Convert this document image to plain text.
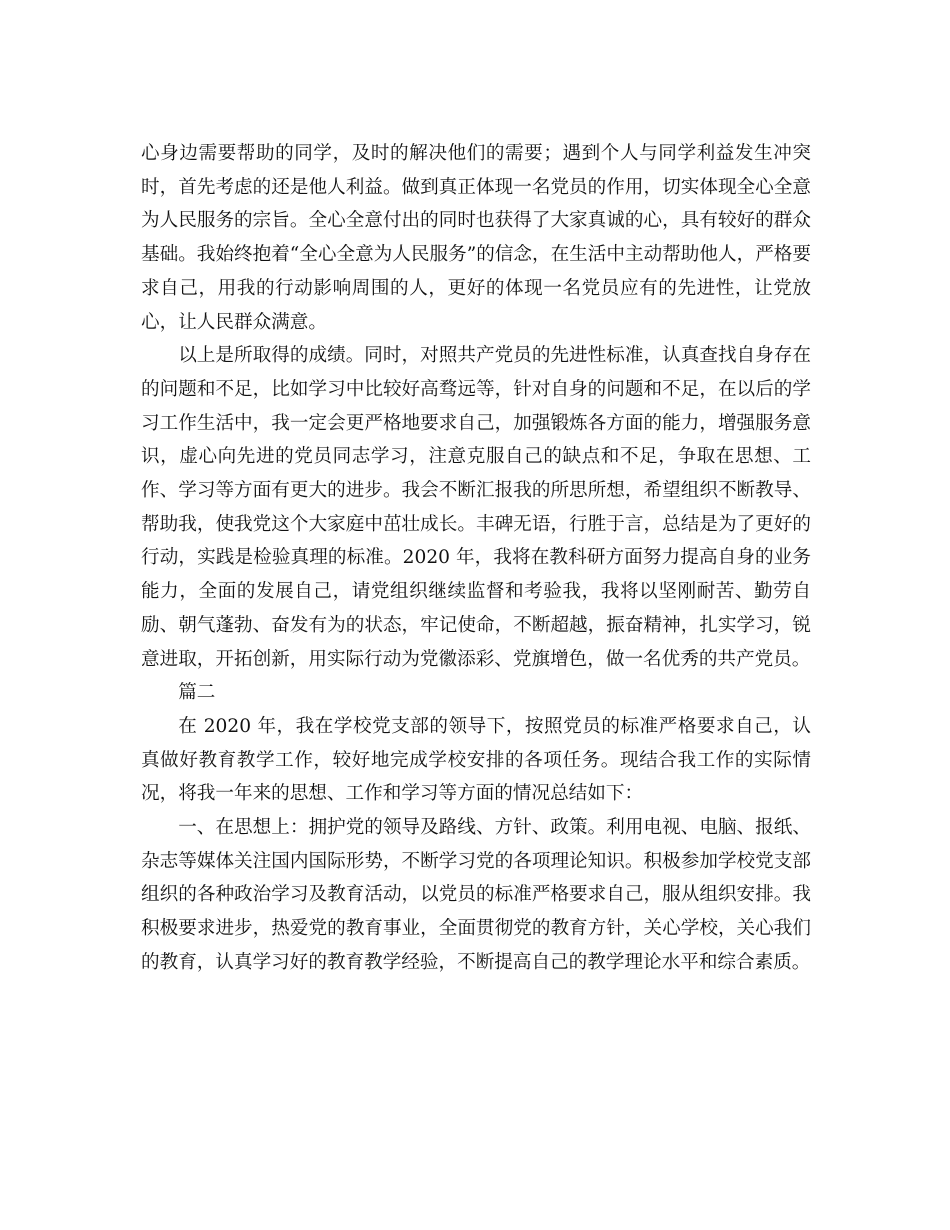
心身边需要帮助的同学，及时的解决他们的需要；遇到个人与同学利益发生冲突时，首先考虑的还是他人利益。做到真正体现一名党员的作用，切实体现全心全意为人民服务的宗旨。全心全意付出的同时也获得了大家真诚的心，具有较好的群众基础。我始终抱着“全心全意为人民服务”的信念，在生活中主动帮助他人，严格要求自己，用我的行动影响周围的人，更好的体现一名党员应有的先进性，让党放心，让人民群众满意。

以上是所取得的成绩。同时，对照共产党员的先进性标准，认真查找自身存在的问题和不足，比如学习中比较好高骛远等，针对自身的问题和不足，在以后的学习工作生活中，我一定会更严格地要求自己，加强锻炼各方面的能力，增强服务意识，虚心向先进的党员同志学习，注意克服自己的缺点和不足，争取在思想、工作、学习等方面有更大的进步。我会不断汇报我的所思所想，希望组织不断教导、帮助我，使我党这个大家庭中茁壮成长。丰碑无语，行胜于言，总结是为了更好的行动，实践是检验真理的标准。2020 年，我将在教科研方面努力提高自身的业务能力，全面的发展自己，请党组织继续监督和考验我，我将以坚刚耐苦、勤劳自励、朝气蓬勃、奋发有为的状态，牢记使命，不断超越，振奋精神，扎实学习，锐意进取，开拓创新，用实际行动为党徽添彩、党旗增色，做一名优秀的共产党员。

篇二

在 2020 年，我在学校党支部的领导下，按照党员的标准严格要求自己，认真做好教育教学工作，较好地完成学校安排的各项任务。现结合我工作的实际情况，将我一年来的思想、工作和学习等方面的情况总结如下：

一、在思想上：拥护党的领导及路线、方针、政策。利用电视、电脑、报纸、杂志等媒体关注国内国际形势，不断学习党的各项理论知识。积极参加学校党支部组织的各种政治学习及教育活动，以党员的标准严格要求自己，服从组织安排。我积极要求进步，热爱党的教育事业，全面贯彻党的教育方针，关心学校，关心我们的教育，认真学习好的教育教学经验，不断提高自己的教学理论水平和综合素质。
